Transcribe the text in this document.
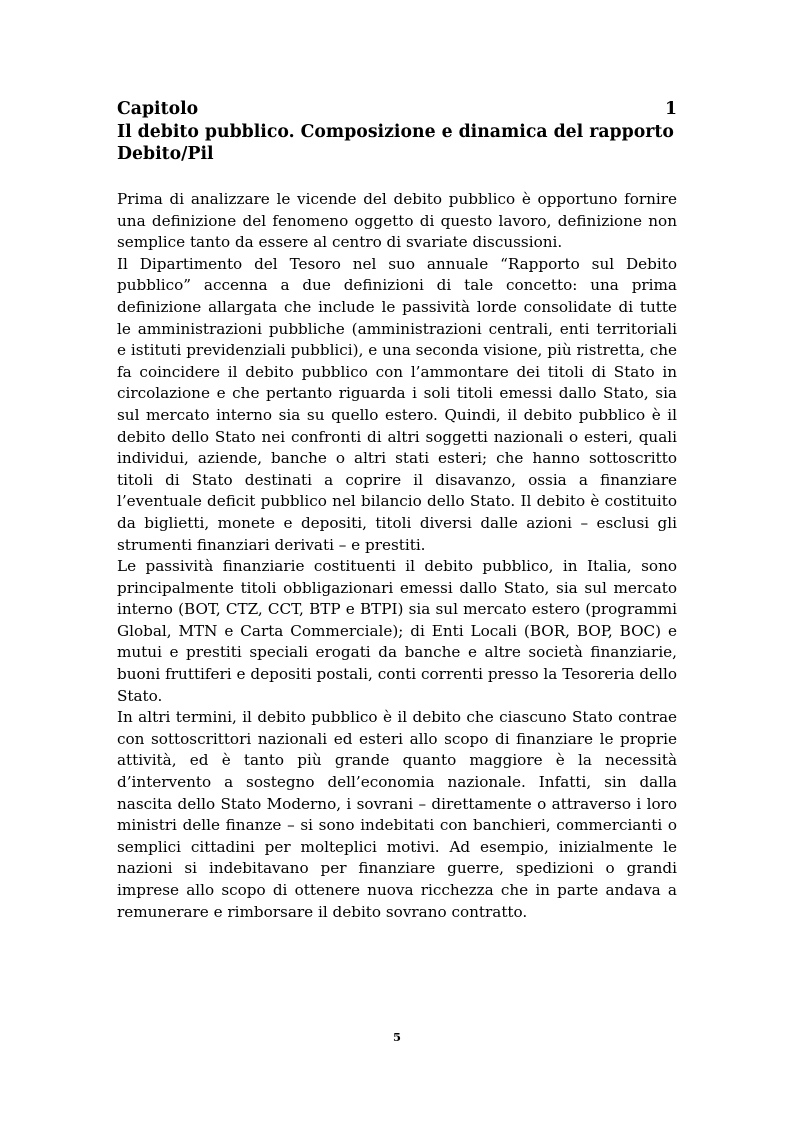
Capitolo	1
Il debito pubblico. Composizione e dinamica del rapporto Debito/Pil

Prima di analizzare le vicende del debito pubblico è opportuno fornire una definizione del fenomeno oggetto di questo lavoro, definizione non semplice tanto da essere al centro di svariate discussioni.

Il Dipartimento del Tesoro nel suo annuale “Rapporto sul Debito pubblico” accenna a due definizioni di tale concetto: una prima definizione allargata che include le passività lorde consolidate di tutte le amministrazioni pubbliche (amministrazioni centrali, enti territoriali e istituti previdenziali pubblici), e una seconda visione, più ristretta, che fa coincidere il debito pubblico con l’ammontare dei titoli di Stato in circolazione e che pertanto riguarda i soli titoli emessi dallo Stato, sia sul mercato interno sia su quello estero. Quindi, il debito pubblico è il debito dello Stato nei confronti di altri soggetti nazionali o esteri, quali individui, aziende, banche o altri stati esteri; che hanno sottoscritto titoli di Stato destinati a coprire il disavanzo, ossia a finanziare l’eventuale deficit pubblico nel bilancio dello Stato. Il debito è costituito da biglietti, monete e depositi, titoli diversi dalle azioni – esclusi gli strumenti finanziari derivati – e prestiti.

Le passività finanziarie costituenti il debito pubblico, in Italia, sono principalmente titoli obbligazionari emessi dallo Stato, sia sul mercato interno (BOT, CTZ, CCT, BTP e BTPI) sia sul mercato estero (programmi Global, MTN e Carta Commerciale); di Enti Locali (BOR, BOP, BOC) e mutui e prestiti speciali erogati da banche e altre società finanziarie, buoni fruttiferi e depositi postali, conti correnti presso la Tesoreria dello Stato.

In altri termini, il debito pubblico è il debito che ciascuno Stato contrae con sottoscrittori nazionali ed esteri allo scopo di finanziare le proprie attività, ed è tanto più grande quanto maggiore è la necessità d’intervento a sostegno dell’economia nazionale. Infatti, sin dalla nascita dello Stato Moderno, i sovrani – direttamente o attraverso i loro ministri delle finanze – si sono indebitati con banchieri, commercianti o semplici cittadini per molteplici motivi. Ad esempio, inizialmente le nazioni si indebitavano per finanziare guerre, spedizioni o grandi imprese allo scopo di ottenere nuova ricchezza che in parte andava a remunerare e rimborsare il debito sovrano contratto.

5
